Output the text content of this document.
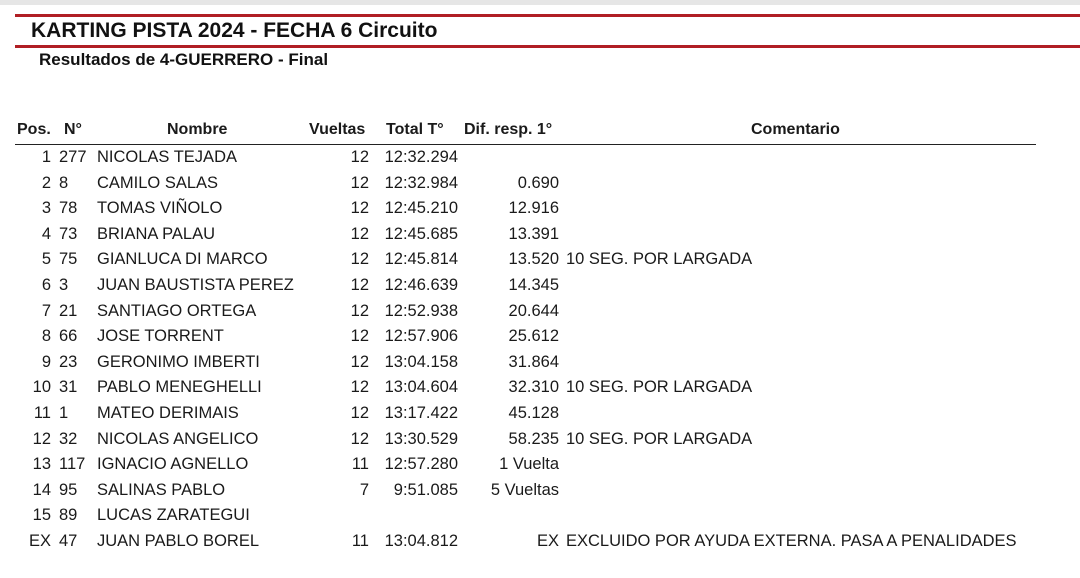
KARTING PISTA 2024 - FECHA 6 Circuito
Resultados de 4-GUERRERO - Final
Pos. N°	Nombre	Vueltas Total T° Dif. resp. 1°	Comentario
1 277 NICOLAS TEJADA	12 12:32.294
2 8	CAMILO SALAS	12 12:32.984	0.690
3 78	TOMAS VIÑOLO	12 12:45.210	12.916
4 73	BRIANA PALAU	12 12:45.685	13.391
5 75	GIANLUCA DI MARCO	12 12:45.814	13.520 10 SEG. POR LARGADA
6 3	JUAN BAUSTISTA PEREZ	12 12:46.639	14.345
7 21	SANTIAGO ORTEGA	12 12:52.938	20.644
8 66	JOSE TORRENT	12 12:57.906	25.612
9 23	GERONIMO IMBERTI	12 13:04.158	31.864
10 31	PABLO MENEGHELLI	12 13:04.604	32.310 10 SEG. POR LARGADA
11 1	MATEO DERIMAIS	12 13:17.422	45.128
12 32	NICOLAS ANGELICO	12 13:30.529	58.235 10 SEG. POR LARGADA
13 117 IGNACIO AGNELLO	11 12:57.280	1 Vuelta
14 95	SALINAS PABLO	7	9:51.085	5 Vueltas
15 89	LUCAS ZARATEGUI
EX 47	JUAN PABLO BOREL	11 13:04.812	EX EXCLUIDO POR AYUDA EXTERNA. PASA A PENALIDADES
